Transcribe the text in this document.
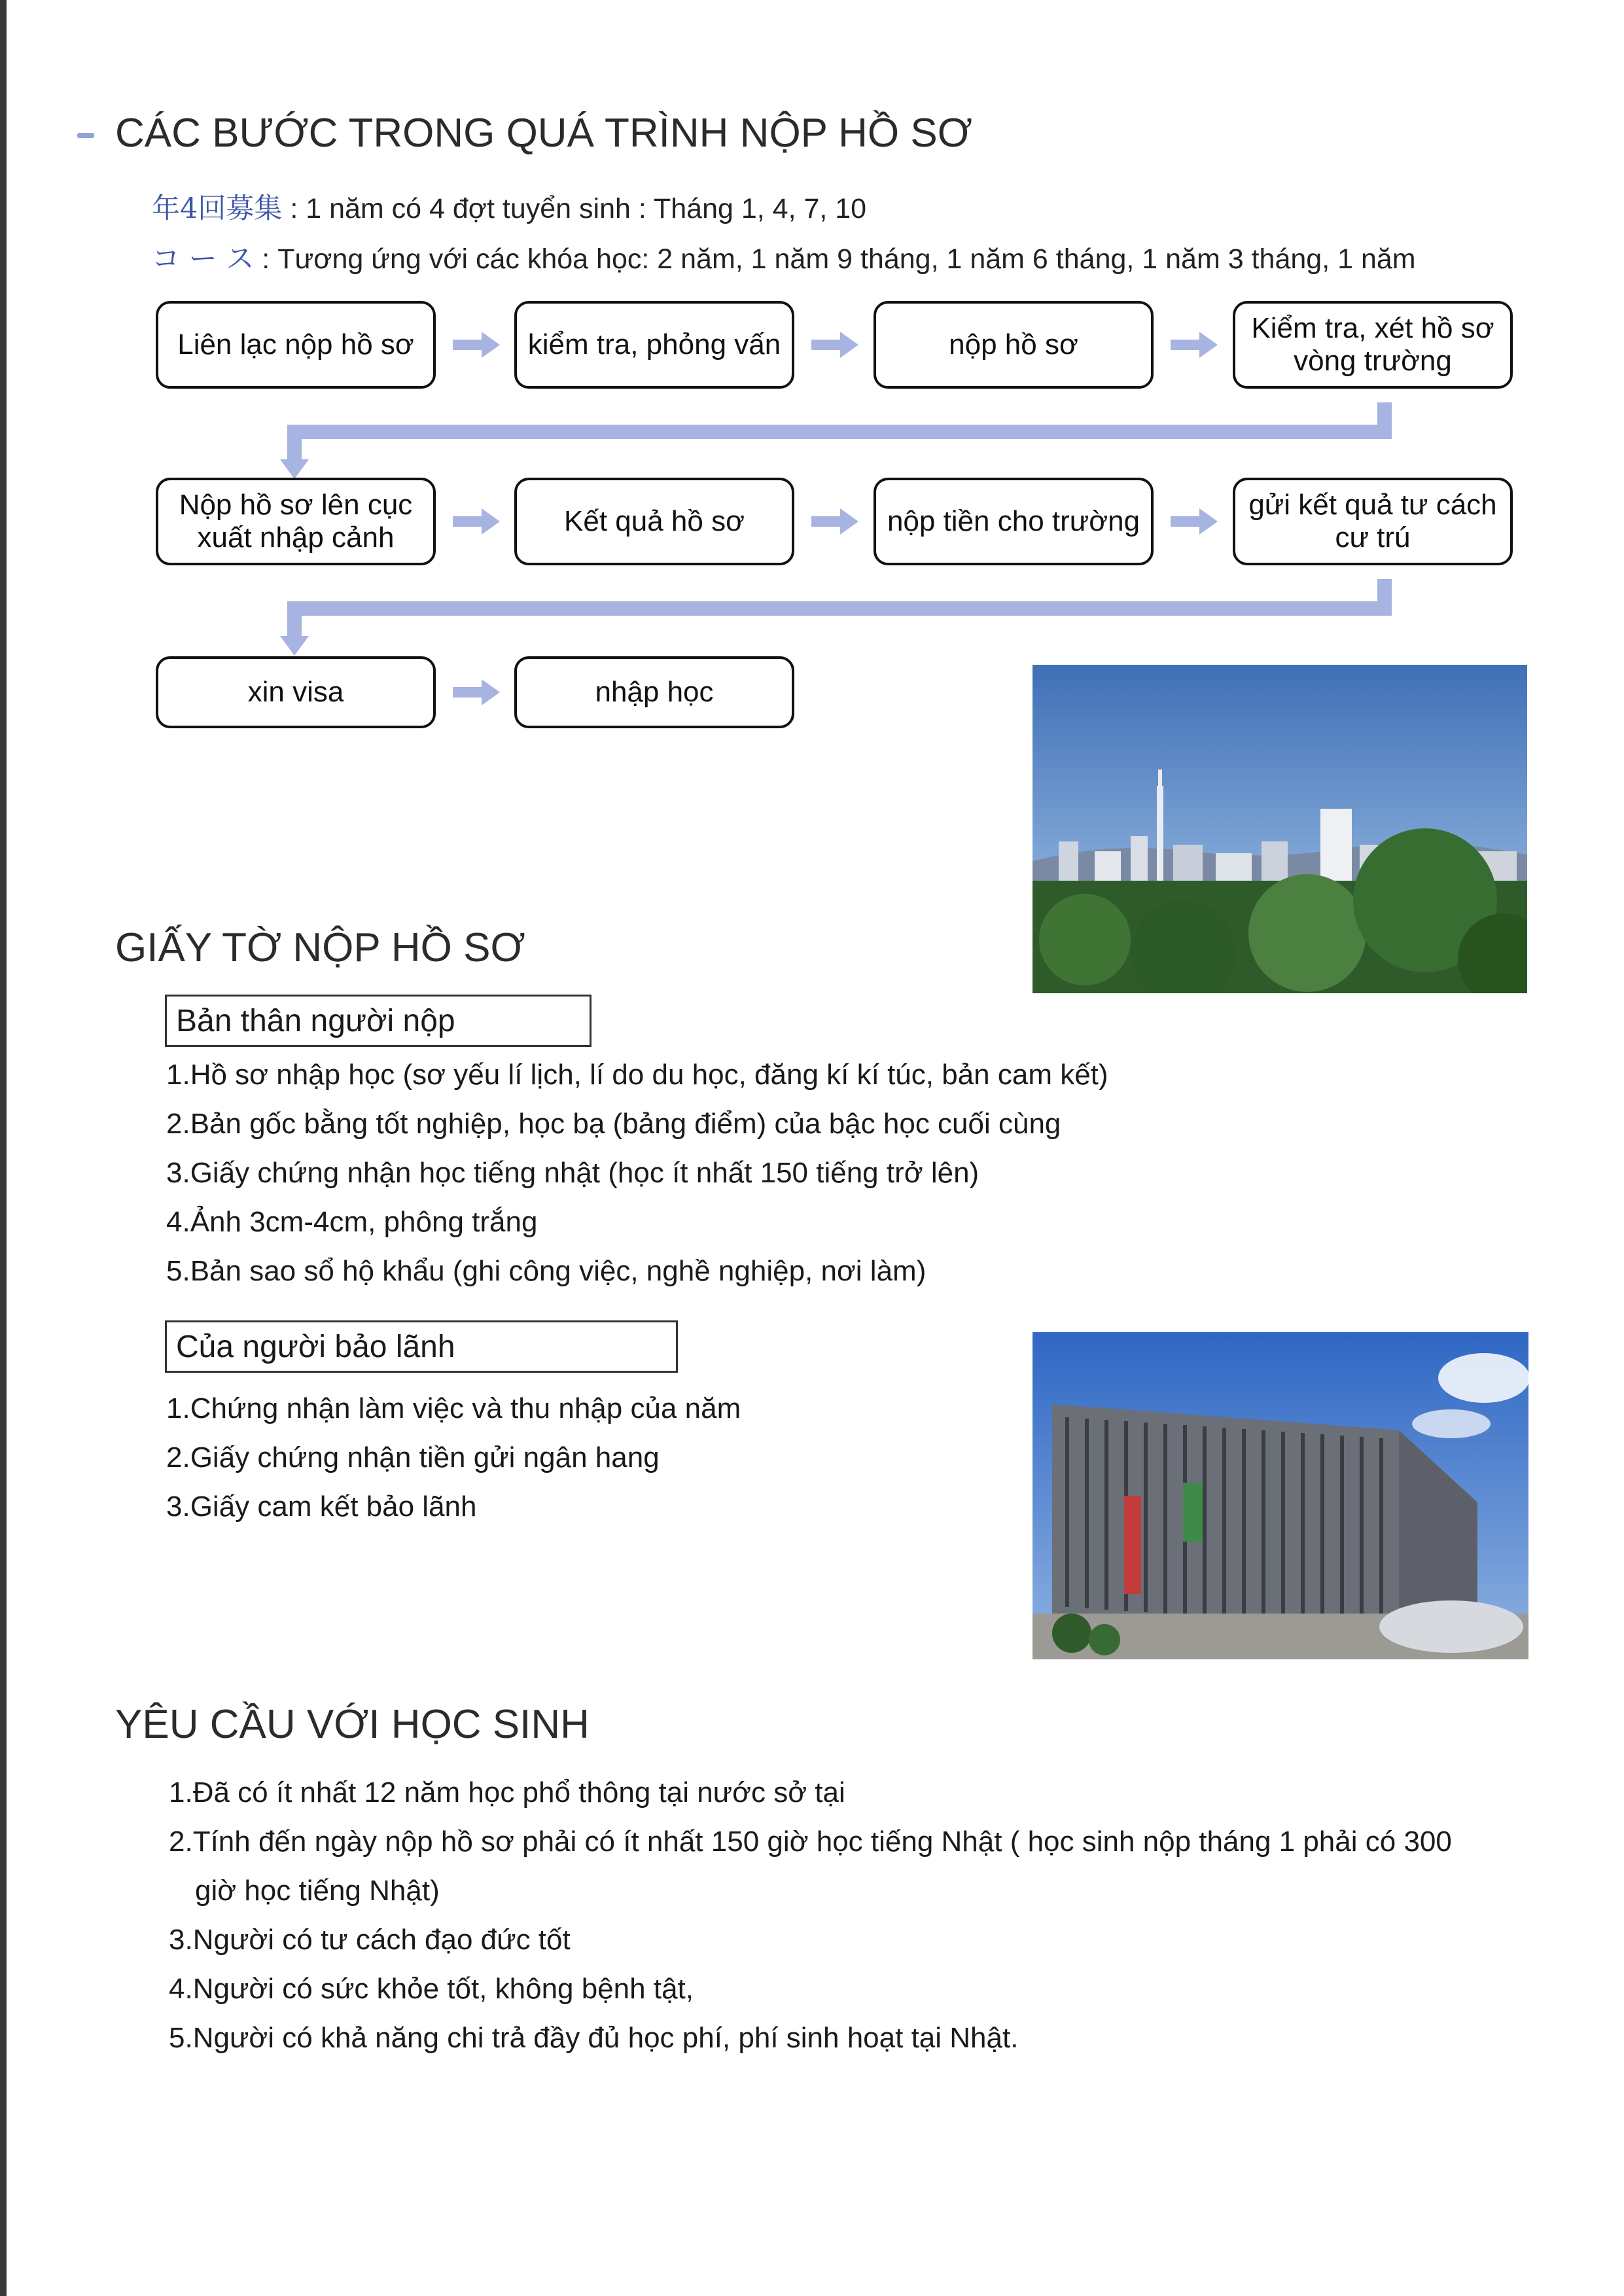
CÁC BƯỚC TRONG QUÁ TRÌNH NỘP HỒ SƠ
年4回募集 : 1 năm có 4 đợt tuyển sinh : Tháng 1, 4, 7, 10
コ ー ス : Tương ứng với các khóa học: 2 năm, 1 năm 9 tháng, 1 năm 6 tháng, 1 năm 3 tháng, 1 năm
Liên lạc nộp hồ sơ	kiểm tra, phỏng vấn	nộp hồ sơ
Kiểm tra, xét hồ sơ vòng trường
Nộp hồ sơ lên cục xuất nhập cảnh
Kết quả hồ sơ	nộp tiền cho trường
gửi kết quả tư cách cư trú
xin visa	nhập học
GIẤY TỜ NỘP HỒ SƠ
Bản thân người nộp
1.Hồ sơ nhập học (sơ yếu lí lịch, lí do du học, đăng kí kí túc, bản cam kết)
2.Bản gốc bằng tốt nghiệp, học bạ (bảng điểm) của bậc học cuối cùng
3.Giấy chứng nhận học tiếng nhật (học ít nhất 150 tiếng trở lên)
4.Ảnh 3cm-4cm, phông trắng
5.Bản sao sổ hộ khẩu (ghi công việc, nghề nghiệp, nơi làm)
Của người bảo lãnh
1.Chứng nhận làm việc và thu nhập của năm
2.Giấy chứng nhận tiền gửi ngân hang
3.Giấy cam kết bảo lãnh
YÊU CẦU VỚI HỌC SINH
1.Đã có ít nhất 12 năm học phổ thông tại nước sở tại
2.Tính đến ngày nộp hồ sơ phải có ít nhất 150 giờ học tiếng Nhật ( học sinh nộp tháng 1 phải có 300
giờ học tiếng Nhật)
3.Người có tư cách đạo đức tốt
4.Người có sức khỏe tốt, không bệnh tật,
5.Người có khả năng chi trả đầy đủ học phí, phí sinh hoạt tại Nhật.
